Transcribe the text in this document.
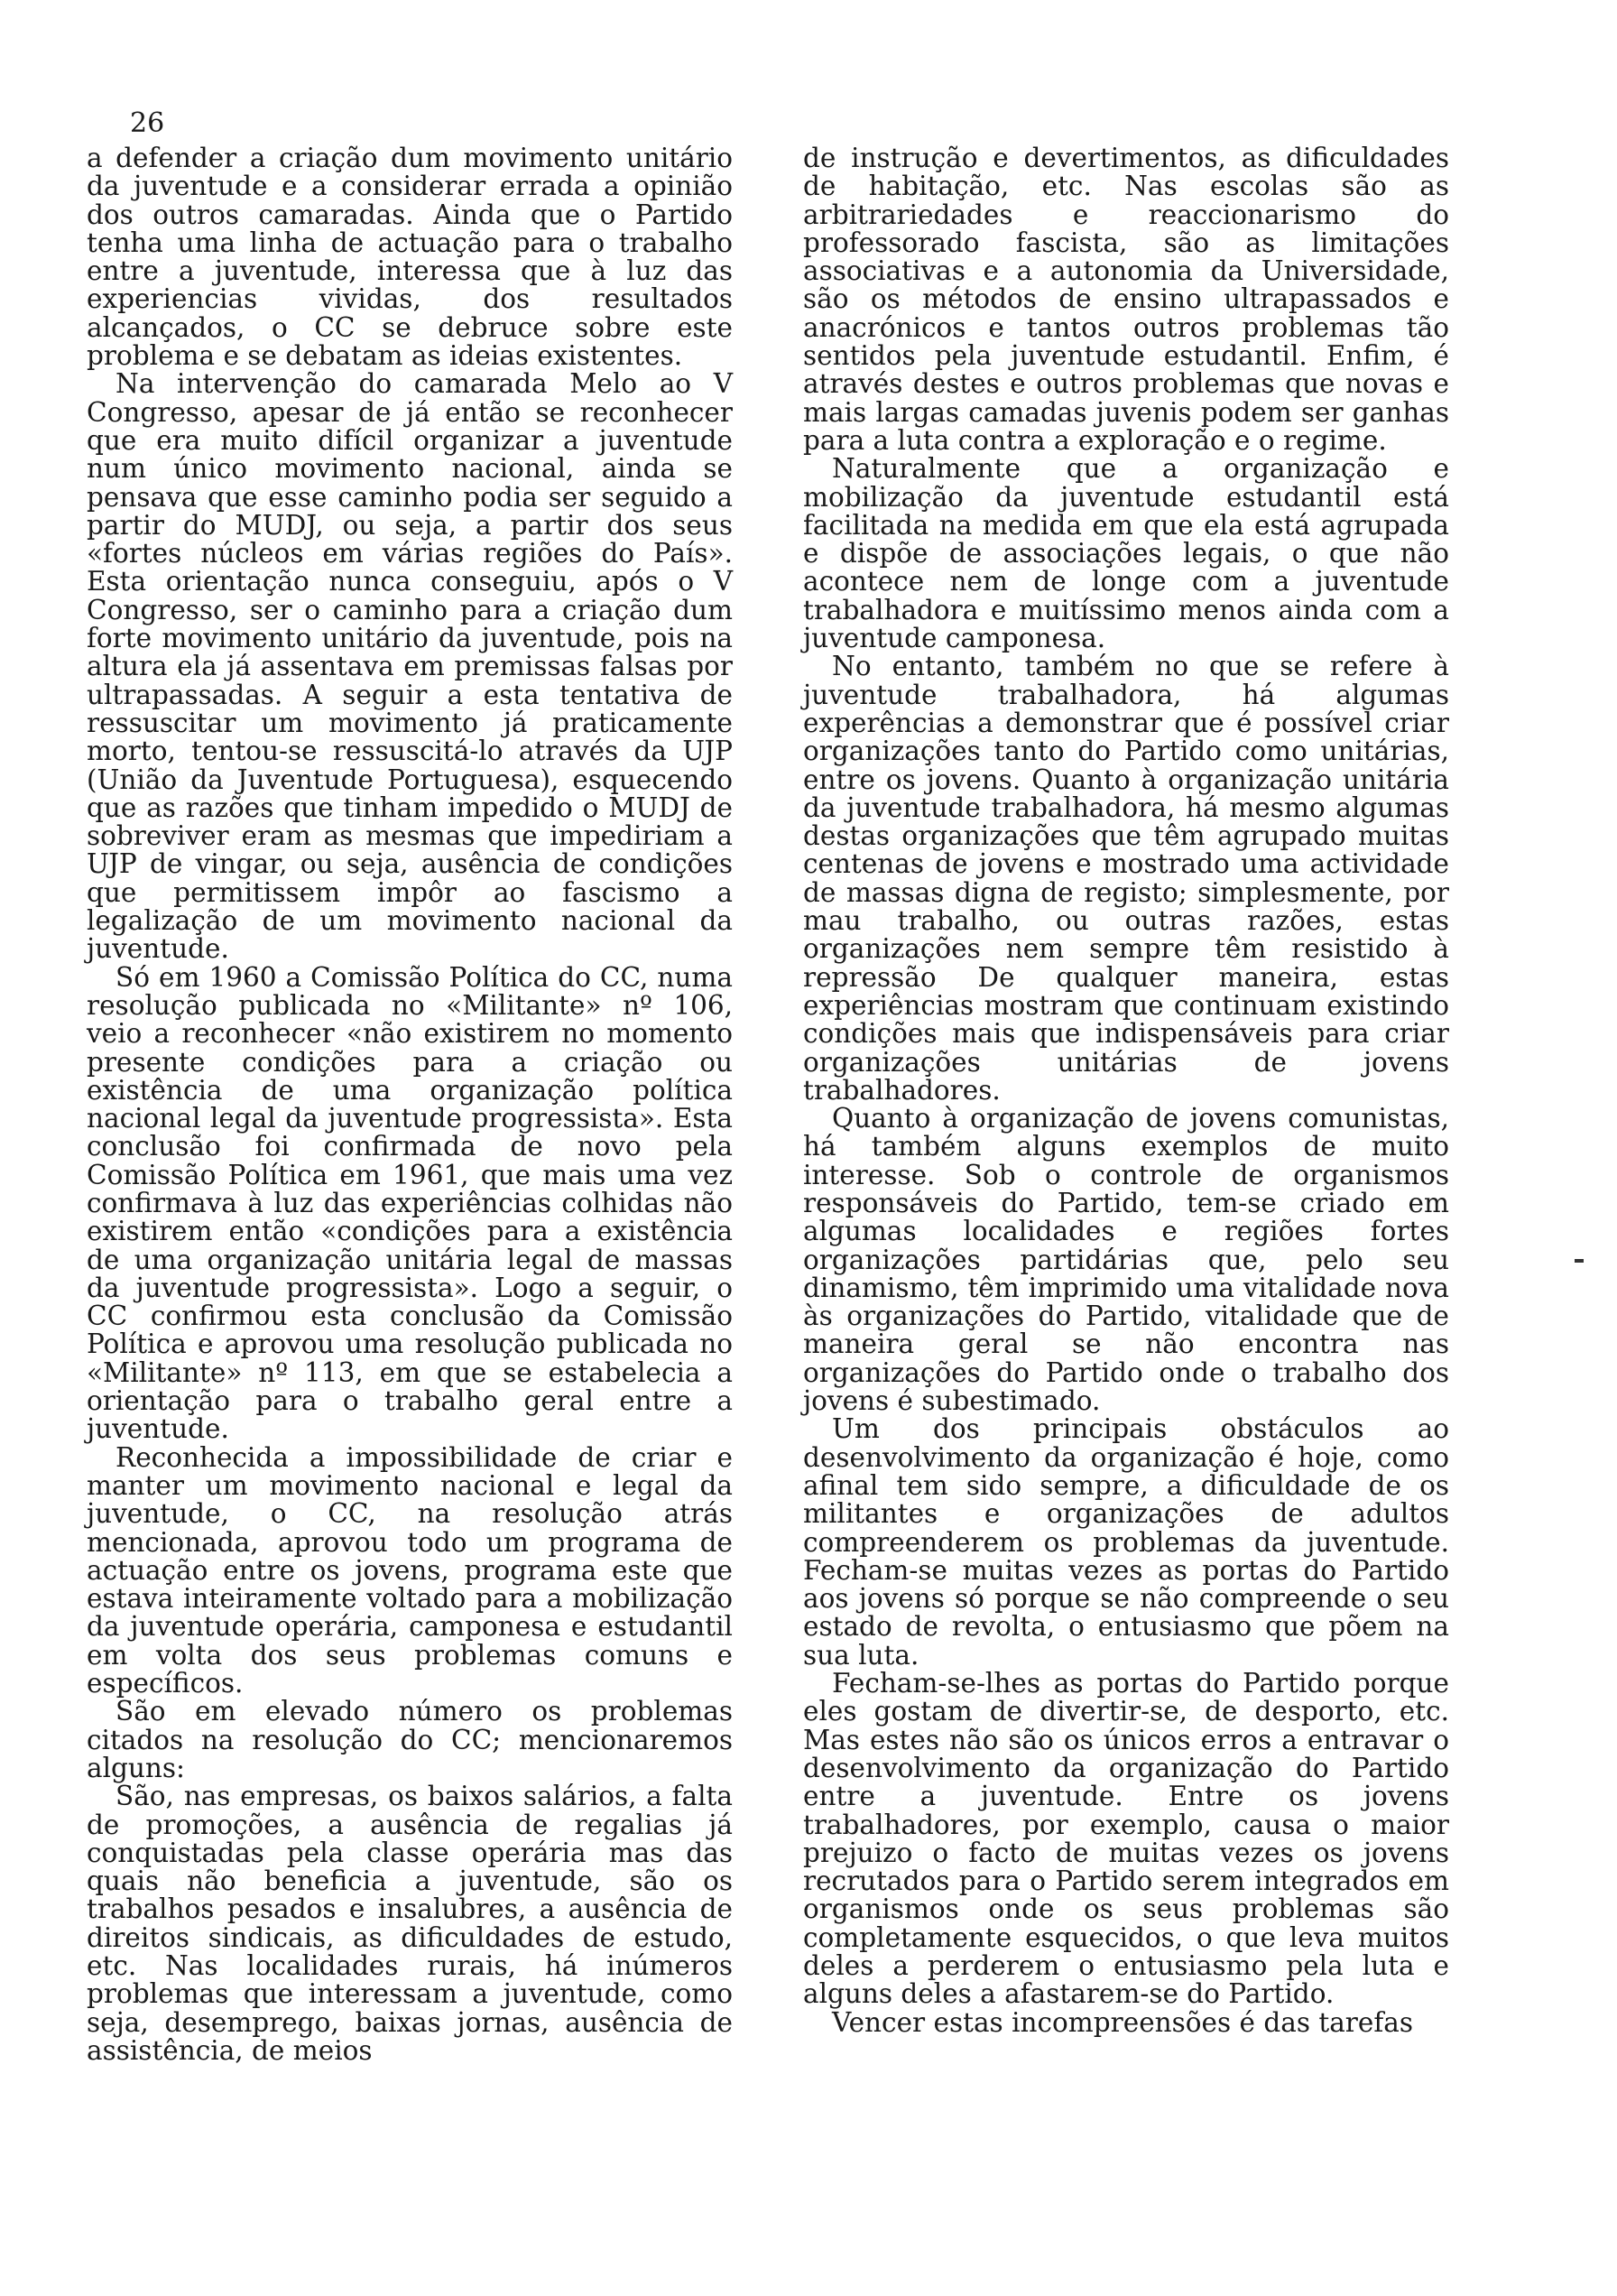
26

a defender a criação dum movimento unitário da juventude e a considerar errada a opinião dos outros camaradas. Ainda que o Partido tenha uma linha de actuação para o trabalho entre a juventude, interessa que à luz das experiencias vividas, dos resultados alcançados, o CC se debruce sobre este problema e se debatam as ideias existentes.

Na intervenção do camarada Melo ao V Congresso, apesar de já então se reconhecer que era muito difícil organizar a juventude num único movimento nacional, ainda se pensava que esse caminho podia ser seguido a partir do MUDJ, ou seja, a partir dos seus «fortes núcleos em várias regiões do País». Esta orientação nunca conseguiu, após o V Congresso, ser o caminho para a criação dum forte movimento unitário da juventude, pois na altura ela já assentava em premissas falsas por ultrapassadas. A seguir a esta tentativa de ressuscitar um movimento já praticamente morto, tentou-se ressuscitá-lo através da UJP (União da Juventude Portuguesa), esquecendo que as razões que tinham impedido o MUDJ de sobreviver eram as mesmas que impediriam a UJP de vingar, ou seja, ausência de condições que permitissem impôr ao fascismo a legalização de um movimento nacional da juventude.

Só em 1960 a Comissão Política do CC, numa resolução publicada no «Militante» nº 106, veio a reconhecer «não existirem no momento presente condições para a criação ou existência de uma organização política nacional legal da juventude progressista». Esta conclusão foi confirmada de novo pela Comissão Política em 1961, que mais uma vez confirmava à luz das experiências colhidas não existirem então «condições para a existência de uma organização unitária legal de massas da juventude progressista». Logo a seguir, o CC confirmou esta conclusão da Comissão Política e aprovou uma resolução publicada no «Militante» nº 113, em que se estabelecia a orientação para o trabalho geral entre a juventude.

Reconhecida a impossibilidade de criar e manter um movimento nacional e legal da juventude, o CC, na resolução atrás mencionada, aprovou todo um programa de actuação entre os jovens, programa este que estava inteiramente voltado para a mobilização da juventude operária, camponesa e estudantil em volta dos seus problemas comuns e específicos.

São em elevado número os problemas citados na resolução do CC; mencionaremos alguns:

São, nas empresas, os baixos salários, a falta de promoções, a ausência de regalias já conquistadas pela classe operária mas das quais não beneficia a juventude, são os trabalhos pesados e insalubres, a ausência de direitos sindicais, as dificuldades de estudo, etc. Nas localidades rurais, há inúmeros problemas que interessam a juventude, como seja, desemprego, baixas jornas, ausência de assistência, de meios

de instrução e devertimentos, as dificuldades de habitação, etc. Nas escolas são as arbitrariedades e reaccionarismo do professorado fascista, são as limitações associativas e a autonomia da Universidade, são os métodos de ensino ultrapassados e anacrónicos e tantos outros problemas tão sentidos pela juventude estudantil. Enfim, é através destes e outros problemas que novas e mais largas camadas juvenis podem ser ganhas para a luta contra a exploração e o regime.

Naturalmente que a organização e mobilização da juventude estudantil está facilitada na medida em que ela está agrupada e dispõe de associações legais, o que não acontece nem de longe com a juventude trabalhadora e muitíssimo menos ainda com a juventude camponesa.

No entanto, também no que se refere à juventude trabalhadora, há algumas experências a demonstrar que é possível criar organizações tanto do Partido como unitárias, entre os jovens. Quanto à organização unitária da juventude trabalhadora, há mesmo algumas destas organizações que têm agrupado muitas centenas de jovens e mostrado uma actividade de massas digna de registo; simplesmente, por mau trabalho, ou outras razões, estas organizações nem sempre têm resistido à repressão De qualquer maneira, estas experiências mostram que continuam existindo condições mais que indispensáveis para criar organizações unitárias de jovens trabalhadores.

Quanto à organização de jovens comunistas, há também alguns exemplos de muito interesse. Sob o controle de organismos responsáveis do Partido, tem-se criado em algumas localidades e regiões fortes organizações partidárias que, pelo seu dinamismo, têm imprimido uma vitalidade nova às organizações do Partido, vitalidade que de maneira geral se não encontra nas organizações do Partido onde o trabalho dos jovens é subestimado.

Um dos principais obstáculos ao desenvolvimento da organização é hoje, como afinal tem sido sempre, a dificuldade de os militantes e organizações de adultos compreenderem os problemas da juventude. Fecham-se muitas vezes as portas do Partido aos jovens só porque se não compreende o seu estado de revolta, o entusiasmo que põem na sua luta.

Fecham-se-lhes as portas do Partido porque eles gostam de divertir-se, de desporto, etc. Mas estes não são os únicos erros a entravar o desenvolvimento da organização do Partido entre a juventude. Entre os jovens trabalhadores, por exemplo, causa o maior prejuizo o facto de muitas vezes os jovens recrutados para o Partido serem integrados em organismos onde os seus problemas são completamente esquecidos, o que leva muitos deles a perderem o entusiasmo pela luta e alguns deles a afastarem-se do Partido.

Vencer estas incompreensões é das tarefas
